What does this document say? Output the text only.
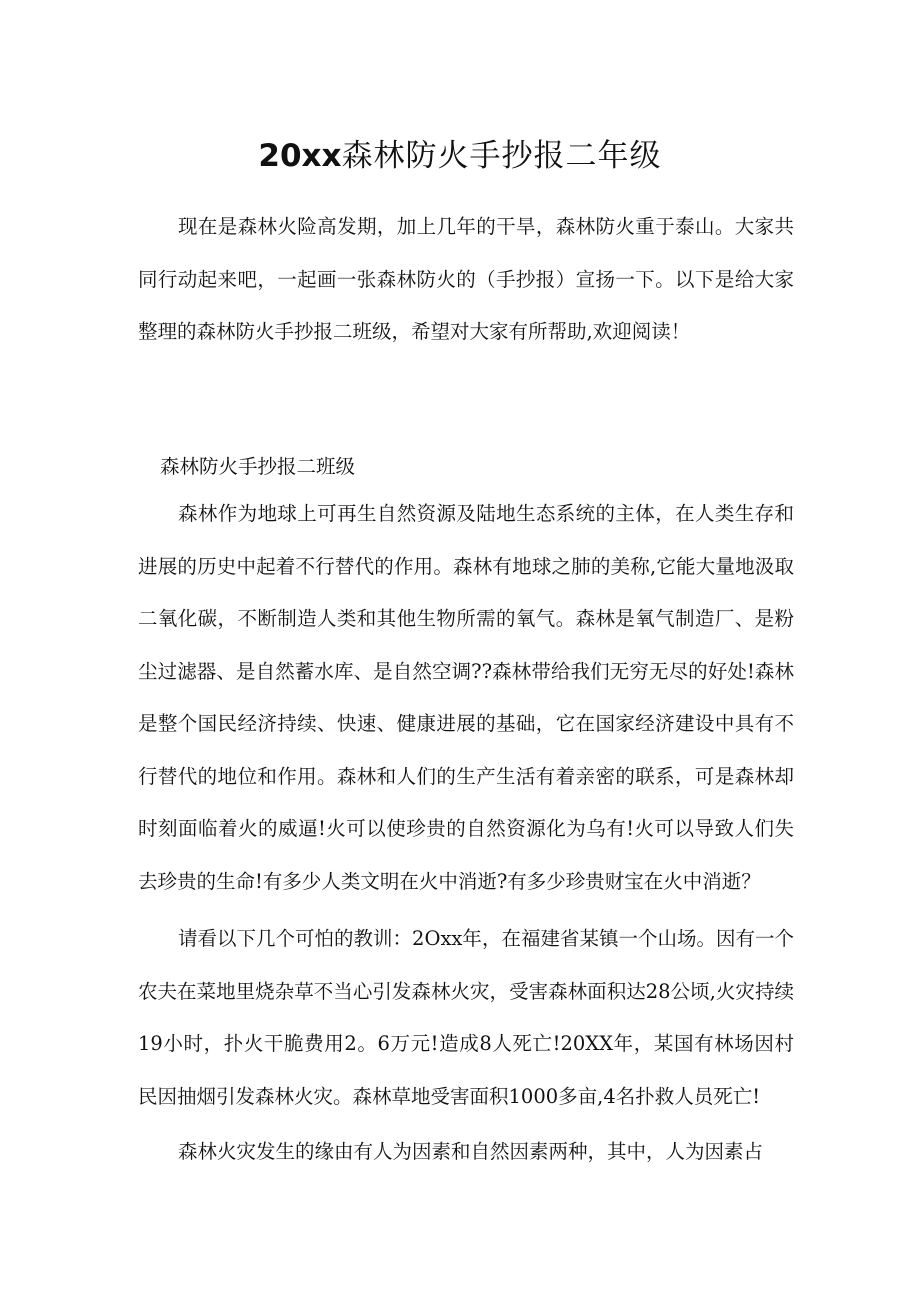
20xx森林防火手抄报二年级

现在是森林火险高发期，加上几年的干旱，森林防火重于泰山。大家共同行动起来吧，一起画一张森林防火的（手抄报）宣扬一下。以下是给大家整理的森林防火手抄报二班级，希望对大家有所帮助,欢迎阅读！

森林防火手抄报二班级

森林作为地球上可再生自然资源及陆地生态系统的主体，在人类生存和进展的历史中起着不行替代的作用。森林有地球之肺的美称,它能大量地汲取二氧化碳，不断制造人类和其他生物所需的氧气。森林是氧气制造厂、是粉尘过滤器、是自然蓄水库、是自然空调??森林带给我们无穷无尽的好处!森林是整个国民经济持续、快速、健康进展的基础，它在国家经济建设中具有不行替代的地位和作用。森林和人们的生产生活有着亲密的联系，可是森林却时刻面临着火的威逼!火可以使珍贵的自然资源化为乌有!火可以导致人们失去珍贵的生命!有多少人类文明在火中消逝?有多少珍贵财宝在火中消逝？

请看以下几个可怕的教训：2Oxx年，在福建省某镇一个山场。因有一个农夫在菜地里烧杂草不当心引发森林火灾，受害森林面积达28公顷,火灾持续19小时，扑火干脆费用2。6万元!造成8人死亡!20XX年，某国有林场因村民因抽烟引发森林火灾。森林草地受害面积1000多亩,4名扑救人员死亡!

森林火灾发生的缘由有人为因素和自然因素两种，其中，人为因素占
